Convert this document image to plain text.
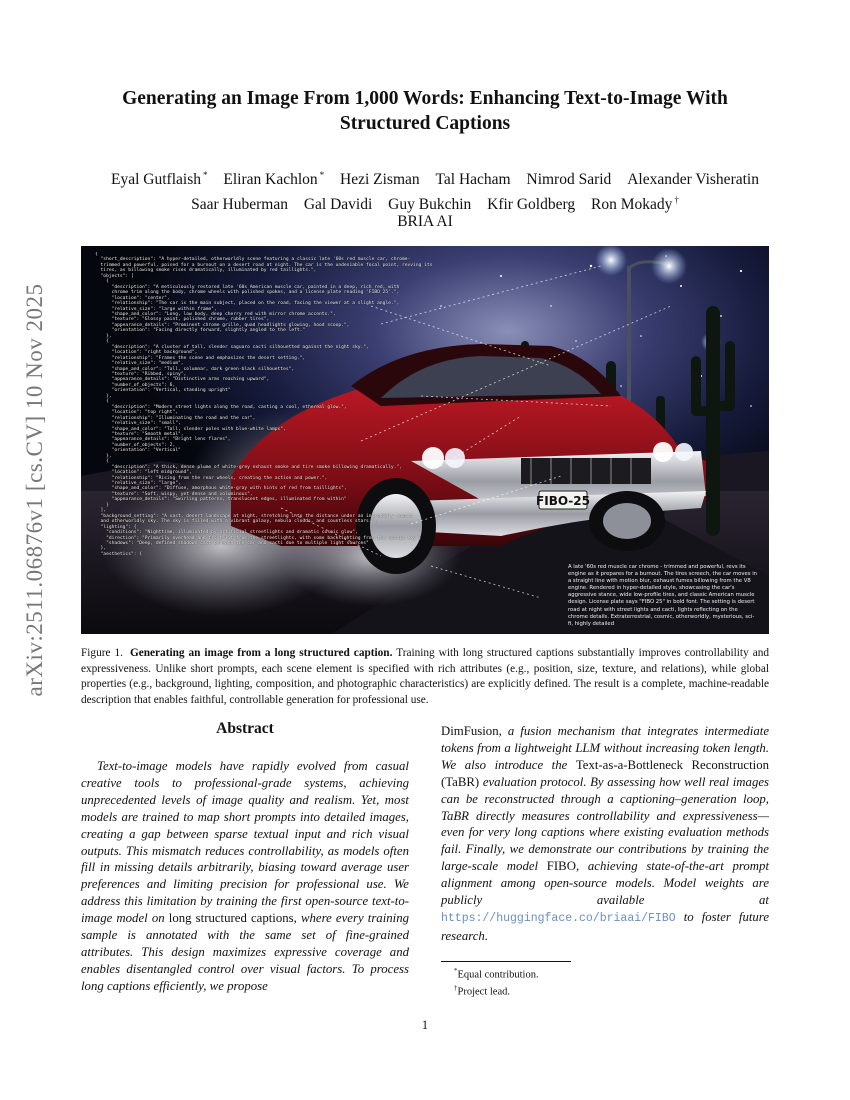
arXiv:2511.06876v1 [cs.CV] 10 Nov 2025
Generating an Image From 1,000 Words: Enhancing Text-to-Image With
Structured Captions
Eyal Gutflaish * Eliran Kachlon * Hezi Zisman Tal Hacham Nimrod Sarid Alexander Visheratin
Saar Huberman Gal Davidi Guy Bukchin Kfir Goldberg Ron Mokady †
BRIA AI
FIBO-25
{
"short_description": "A hyper-detailed, otherworldly scene featuring a classic late '60s red muscle car, chrome-
trimmed and powerful, poised for a burnout on a desert road at night. The car is the undeniable focal point, revving its
tires, as billowing smoke rises dramatically, illuminated by red taillights.",
"objects": [
{
"description": "A meticulously restored late '60s American muscle car, painted in a deep, rich red, with
chrome trim along the body, chrome wheels with polished spokes, and a license plate reading 'FIBO 25'.",
"location": "center",
"relationship": "The car is the main subject, placed on the road, facing the viewer at a slight angle.",
"relative_size": "large within frame",
"shape_and_color": "Long, low body, deep cherry red with mirror chrome accents.",
"texture": "Glossy paint, polished chrome, rubber tires",
"appearance_details": "Prominent chrome grille, quad headlights glowing, hood scoop.",
"orientation": "Facing directly forward, slightly angled to the left."
},
{
"description": "A cluster of tall, slender saguaro cacti silhouetted against the night sky.",
"location": "right background",
"relationship": "Frames the scene and emphasizes the desert setting.",
"relative_size": "medium",
"shape_and_color": "Tall, columnar, dark green-black silhouettes",
"texture": "Ribbed, spiny",
"appearance_details": "Distinctive arms reaching upward",
"number_of_objects": 6,
"orientation": "Vertical, standing upright"
},
{
"description": "Modern street lights along the road, casting a cool, ethereal glow.",
"location": "top right",
"relationship": "Illuminating the road and the car",
"relative_size": "small",
"shape_and_color": "Tall, slender poles with blue-white lamps",
"texture": "Smooth metal",
"appearance_details": "Bright lens flares",
"number_of_objects": 2,
"orientation": "Vertical"
},
{
"description": "A thick, dense plume of white-grey exhaust smoke and tire smoke billowing dramatically.",
"location": "left midground",
"relationship": "Rising from the rear wheels, creating the action and power.",
"relative_size": "large",
"shape_and_color": "Diffuse, amorphous white-gray with hints of red from taillights",
"texture": "Soft, wispy, yet dense and voluminous",
"appearance_details": "Swirling patterns, translucent edges, illuminated from within"
}
],
"background_setting": "A vast, desert landscape at night, stretching into the distance under an incredibly cosmic
and otherworldly sky. The sky is filled with a vibrant galaxy, nebula clouds, and countless stars.",
"lighting": {
"conditions": "Nighttime, illuminated by artificial streetlights and dramatic cosmic glow",
"direction": "Primarily overhead and front-lit from the streetlights, with some backlighting from the cosmic sky",
"shadows": "Deep, defined shadows cast beneath the car and cacti due to multiple light sources"
},
"aesthetics": {
A late '60s red muscle car chrome - trimmed and powerful, revs its engine as it prepares for a burnout. The tires screech, the car moves in a straight line with motion blur, exhaust fumes billowing from the V8 engine. Rendered in hyper-detailed style, showcasing the car's aggressive stance, wide low-profile tires, and classic American muscle design. License plate says "FIBO 25" in bold font. The setting is desert road at night with street lights and cacti, lights reflecting on the chrome details. Extraterrestrial, cosmic, otherworldly, mysterious, sci-fi, highly detailed
Figure 1. Generating an image from a long structured caption. Training with long structured captions substantially improves controllability and expressiveness. Unlike short prompts, each scene element is specified with rich attributes (e.g., position, size, texture, and relations), while global properties (e.g., background, lighting, composition, and photographic characteristics) are explicitly defined. The result is a complete, machine-readable description that enables faithful, controllable generation for professional use.
Abstract
Text-to-image models have rapidly evolved from casual creative tools to professional-grade systems, achieving unprecedented levels of image quality and realism. Yet, most models are trained to map short prompts into detailed images, creating a gap between sparse textual input and rich visual outputs. This mismatch reduces controllability, as models often fill in missing details arbitrarily, biasing toward average user preferences and limiting precision for professional use. We address this limitation by training the first open-source text-to-image model on long structured captions, where every training sample is annotated with the same set of fine-grained attributes. This design maximizes expressive coverage and enables disentangled control over visual factors. To process long captions efficiently, we propose
DimFusion, a fusion mechanism that integrates intermediate tokens from a lightweight LLM without increasing token length. We also introduce the Text-as-a-Bottleneck Reconstruction (TaBR) evaluation protocol. By assessing how well real images can be reconstructed through a captioning–generation loop, TaBR directly measures controllability and expressiveness—even for very long captions where existing evaluation methods fail. Finally, we demonstrate our contributions by training the large-scale model FIBO, achieving state-of-the-art prompt alignment among open-source models. Model weights are publicly available at https://huggingface.co/briaai/FIBO to foster future research.
*Equal contribution.
†Project lead.
1
